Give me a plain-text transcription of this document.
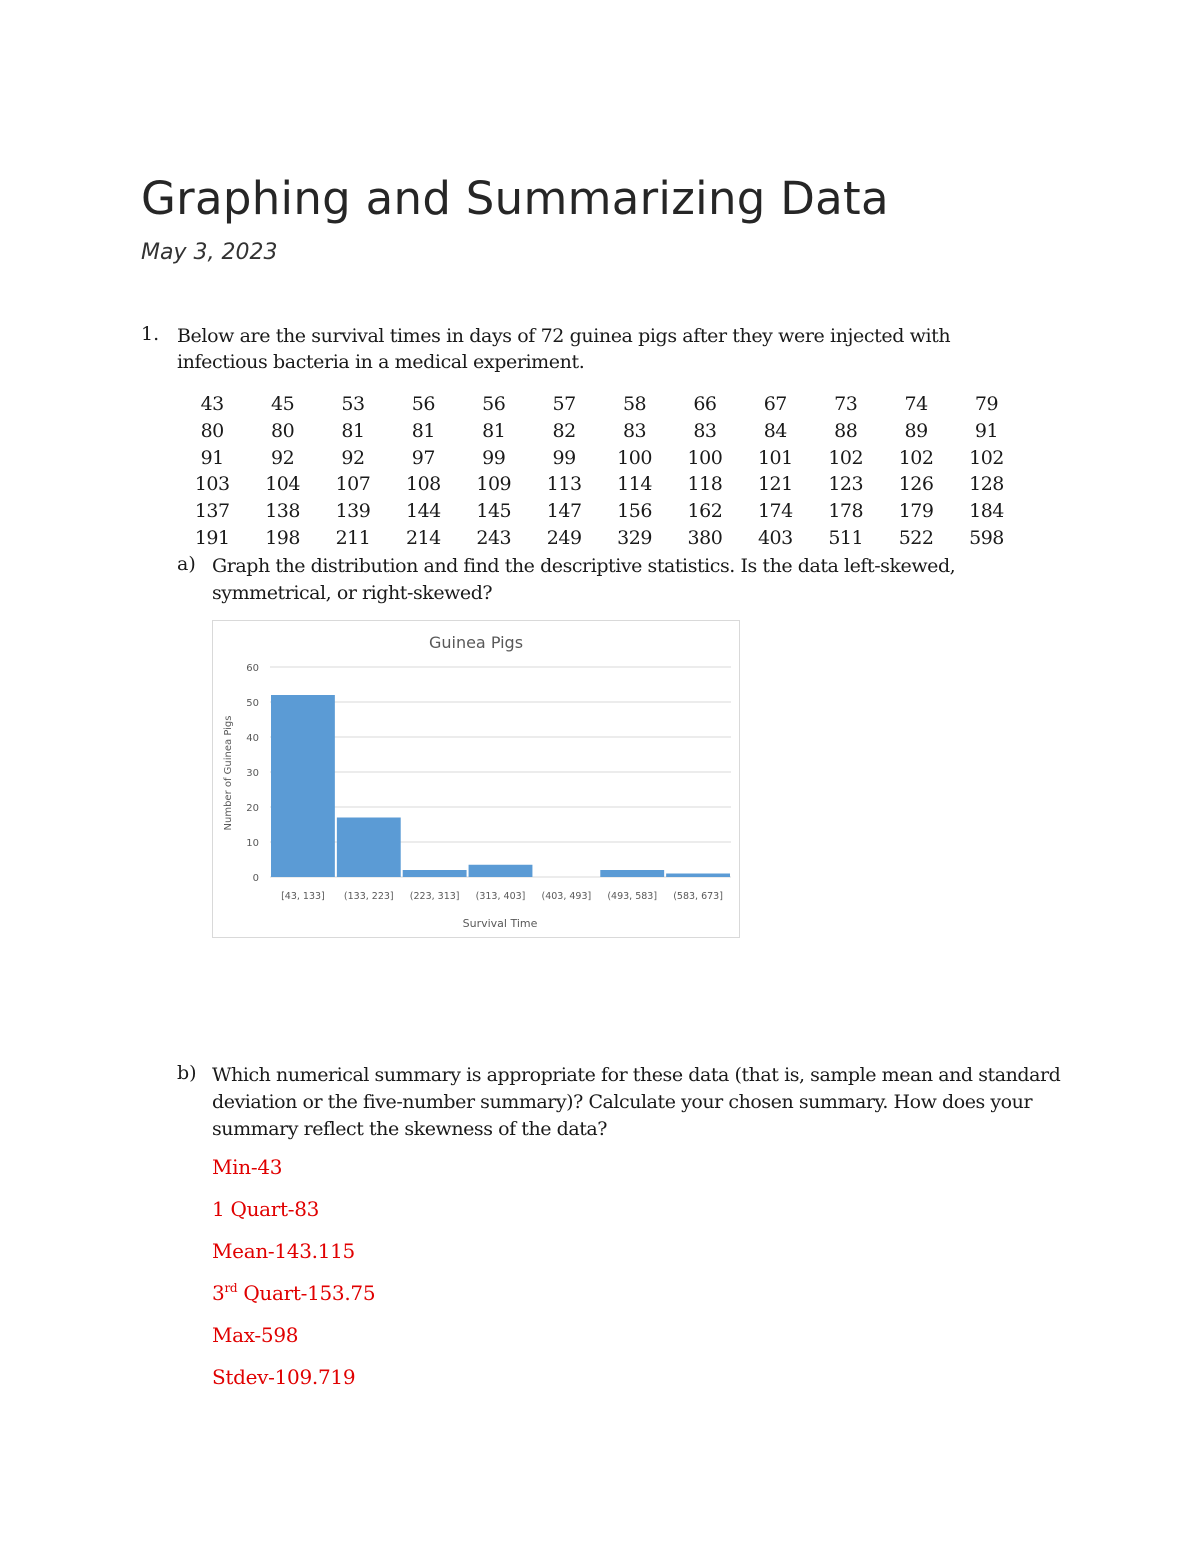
Graphing and Summarizing Data
May 3, 2023
1. Below are the survival times in days of 72 guinea pigs after they were injected with infectious bacteria in a medical experiment.
43	45	53	56	56	57	58	66	67	73	74	79
80	80	81	81	81	82	83	83	84	88	89	91
91	92	92	97	99	99	100	100	101	102	102	102
103	104	107	108	109	113	114	118	121	123	126	128
137	138	139	144	145	147	156	162	174	178	179	184
191	198	211	214	243	249	329	380	403	511	522	598
a) Graph the distribution and find the descriptive statistics. Is the data left-skewed, symmetrical, or right-skewed?
Guinea Pigs
0
10
20
30
40
50
60
[43, 133] (133, 223] (223, 313] (313, 403] (403, 493] (493, 583] (583, 673]
Survival Time
Number of Guinea Pigs
b) Which numerical summary is appropriate for these data (that is, sample mean and standard deviation or the five-number summary)? Calculate your chosen summary. How does your summary reflect the skewness of the data?
Min-43
1 Quart-83
Mean-143.115
3rd Quart-153.75
Max-598
Stdev-109.719
